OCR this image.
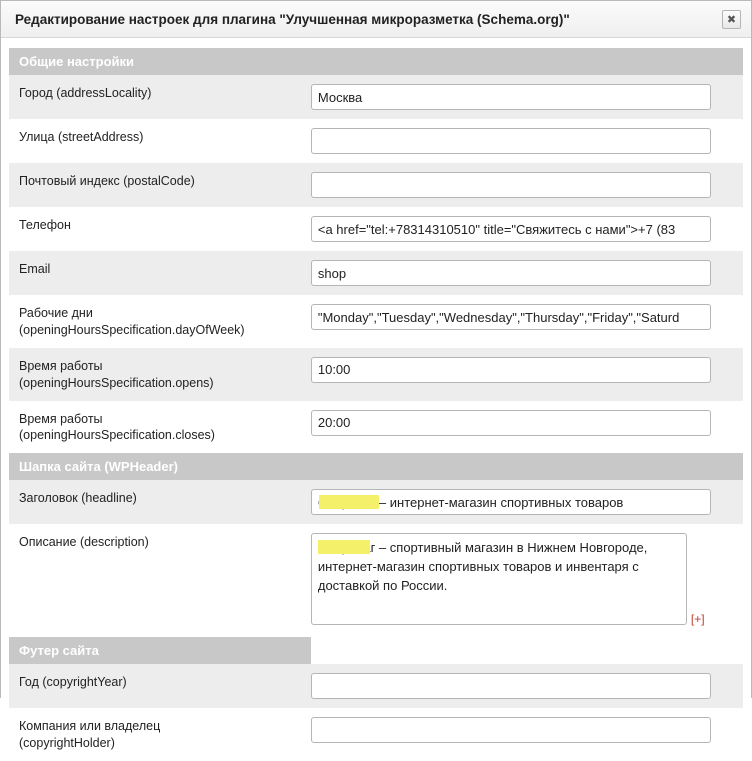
Редактирование настроек для плагина "Улучшенная микроразметка (Schema.org)"	✖
Общие настройки	
Город (addressLocality)	Москва
Улица (streetAddress)	
Почтовый индекс (postalCode)	
Телефон	<a href="tel:+78314310510" title="Свяжитесь с нами">+7 (83
Email	shop

Рабочие дни
(openingHoursSpecification.dayOfWeek)
	"Monday","Tuesday","Wednesday","Thursday","Friday","Saturd

Время работы
(openingHoursSpecification.opens)
	10:00

Время работы
(openingHoursSpecification.closes)
	20:00
Шапка сайта (WPHeader)	
Заголовок (headline)	Спортмаг – интернет-магазин спортивных товаров

Описание (description)	Спортмаг – спортивный магазин в Нижнем Новгороде, интернет-магазин спортивных товаров и инвентаря с доставкой по России.
[+]
Футер сайта	
Год (copyrightYear)	

Компания или владелец
(copyrightHolder)
